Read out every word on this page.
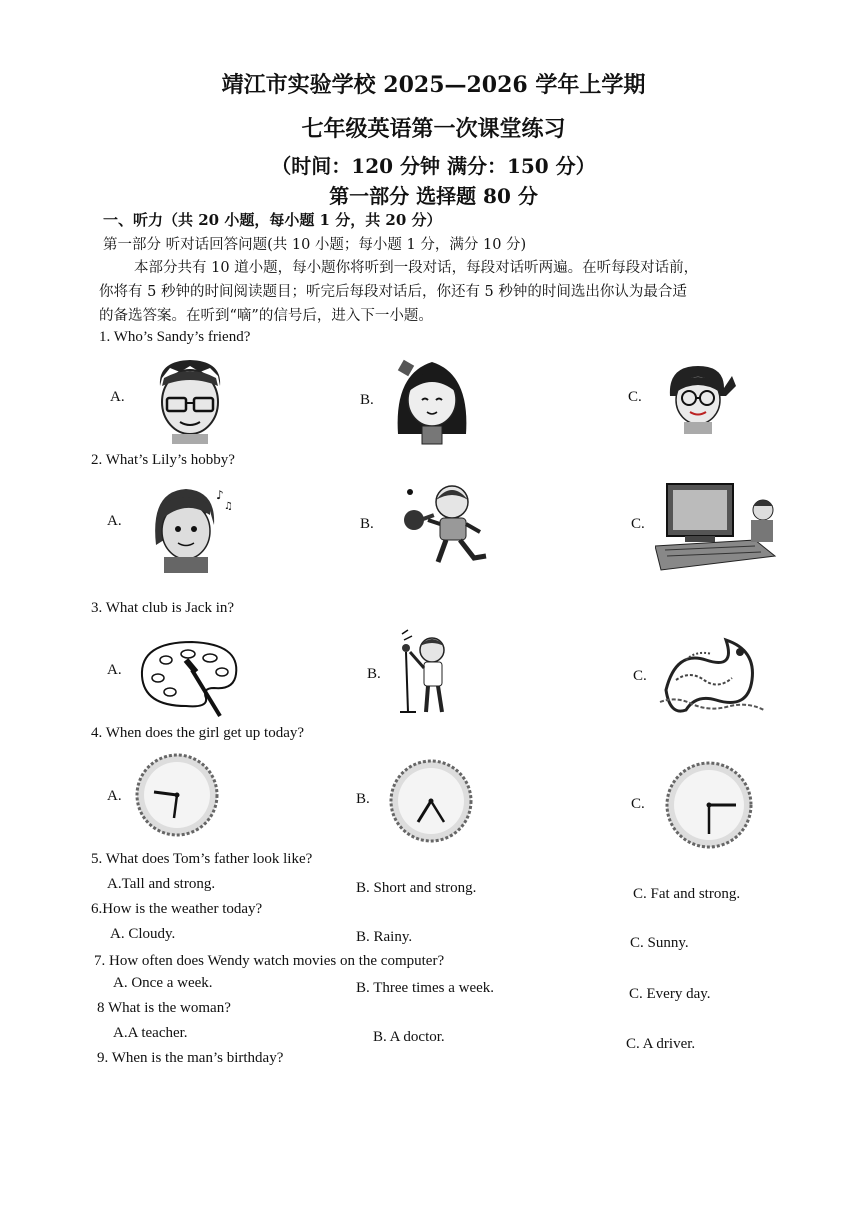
靖江市实验学校 2025—2026 学年上学期
七年级英语第一次课堂练习
（时间：120 分钟 满分：150 分）
第一部分 选择题 80 分
一、听力（共 20 小题，每小题 1 分，共 20 分）
第一部分 听对话回答问题(共 10 小题；每小题 1 分，满分 10 分)
本部分共有 10 道小题，每小题你将听到一段对话，每段对话听两遍。在听每段对话前，
你将有 5 秒钟的时间阅读题目；听完后每段对话后，你还有 5 秒钟的时间选出你认为最合适
的备选答案。在听到“嘀”的信号后，进入下一小题。
1. Who’s Sandy’s friend?
A.	B.	C.
2. What’s Lily’s hobby?
A.
♪
♫
B.	C.
3. What club is Jack in?
A.	B.	C.
4. When does the girl get up today?
A.	B.	C.
5. What does Tom’s father look like?
A.Tall and strong.	B. Short and strong.	C. Fat and strong.
6.How is the weather today?
A. Cloudy.	B. Rainy.	C. Sunny.
7. How often does Wendy watch movies on the computer?
A. Once a week.	B. Three times a week.	C. Every day.
8 What is the woman?
A.A teacher.	B. A doctor.	C. A driver.
9. When is the man’s birthday?
